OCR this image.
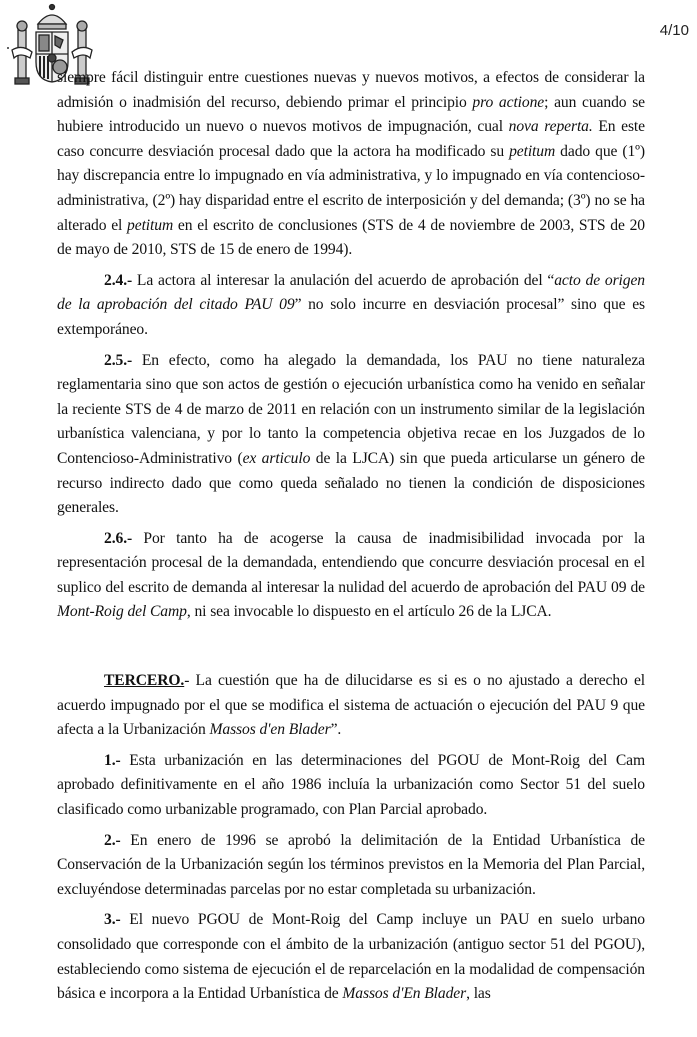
4/10

siempre fácil distinguir entre cuestiones nuevas y nuevos motivos, a efectos de considerar la admisión o inadmisión del recurso, debiendo primar el principio pro actione; aun cuando se hubiere introducido un nuevo o nuevos motivos de impugnación, cual nova reperta. En este caso concurre desviación procesal dado que la actora ha modificado su petitum dado que (1º) hay discrepancia entre lo impugnado en vía administrativa, y lo impugnado en vía contencioso-administrativa, (2º) hay disparidad entre el escrito de interposición y del demanda; (3º) no se ha alterado el petitum en el escrito de conclusiones (STS de 4 de noviembre de 2003, STS de 20 de mayo de 2010, STS de 15 de enero de 1994).

2.4.- La actora al interesar la anulación del acuerdo de aprobación del “acto de origen de la aprobación del citado PAU 09” no solo incurre en desviación procesal” sino que es extemporáneo.

2.5.- En efecto, como ha alegado la demandada, los PAU no tiene naturaleza reglamentaria sino que son actos de gestión o ejecución urbanística como ha venido en señalar la reciente STS de 4 de marzo de 2011 en relación con un instrumento similar de la legislación urbanística valenciana, y por lo tanto la competencia objetiva recae en los Juzgados de lo Contencioso-Administrativo (ex articulo de la LJCA) sin que pueda articularse un género de recurso indirecto dado que como queda señalado no tienen la condición de disposiciones generales.

2.6.- Por tanto ha de acogerse la causa de inadmisibilidad invocada por la representación procesal de la demandada, entendiendo que concurre desviación procesal en el suplico del escrito de demanda al interesar la nulidad del acuerdo de aprobación del PAU 09 de Mont-Roig del Camp, ni sea invocable lo dispuesto en el artículo 26 de la LJCA.

TERCERO.- La cuestión que ha de dilucidarse es si es o no ajustado a derecho el acuerdo impugnado por el que se modifica el sistema de actuación o ejecución del PAU 9 que afecta a la Urbanización Massos d'en Blader”.

1.- Esta urbanización en las determinaciones del PGOU de Mont-Roig del Cam aprobado definitivamente en el año 1986 incluía la urbanización como Sector 51 del suelo clasificado como urbanizable programado, con Plan Parcial aprobado.

2.- En enero de 1996 se aprobó la delimitación de la Entidad Urbanística de Conservación de la Urbanización según los términos previstos en la Memoria del Plan Parcial, excluyéndose determinadas parcelas por no estar completada su urbanización.

3.- El nuevo PGOU de Mont-Roig del Camp incluye un PAU en suelo urbano consolidado que corresponde con el ámbito de la urbanización (antiguo sector 51 del PGOU), estableciendo como sistema de ejecución el de reparcelación en la modalidad de compensación básica e incorpora a la Entidad Urbanística de Massos d'En Blader, las
